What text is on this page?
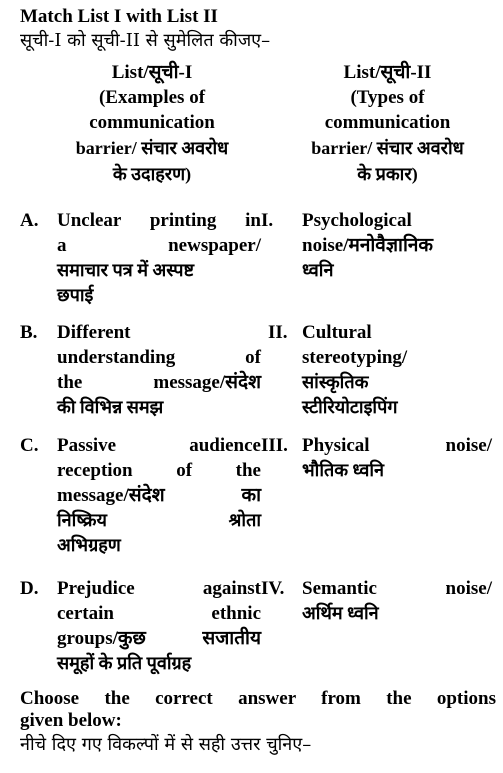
Match List I with List II
सूची-I को सूची-II से सुमेलित कीजए–
List/सूची-I
(Examples of
communication
barrier/ संचार अवरोध
के उदाहरण)
List/सूची-II
(Types of
communication
barrier/ संचार अवरोध
के प्रकार)
A. Unclear printing in
a newspaper/
समाचार पत्र में अस्पष्ट
छपाई
I. Psychological
noise/मनोवैज्ञानिक
ध्वनि
B. Different
understanding of
the message/संदेश
की विभिन्न समझ
II. Cultural
stereotyping/
सांस्कृतिक
स्टीरियोटाइपिंग
C. Passive audience
reception of the
message/संदेश का
निष्क्रिय श्रोता
अभिग्रहण
III. Physical noise/
भौतिक ध्वनि
D. Prejudice against
certain ethnic
groups/कुछ सजातीय
समूहों के प्रति पूर्वाग्रह
IV. Semantic noise/
अर्थिम ध्वनि
Choose the correct answer from the options
given below:
नीचे दिए गए विकल्पों में से सही उत्तर चुनिए–
